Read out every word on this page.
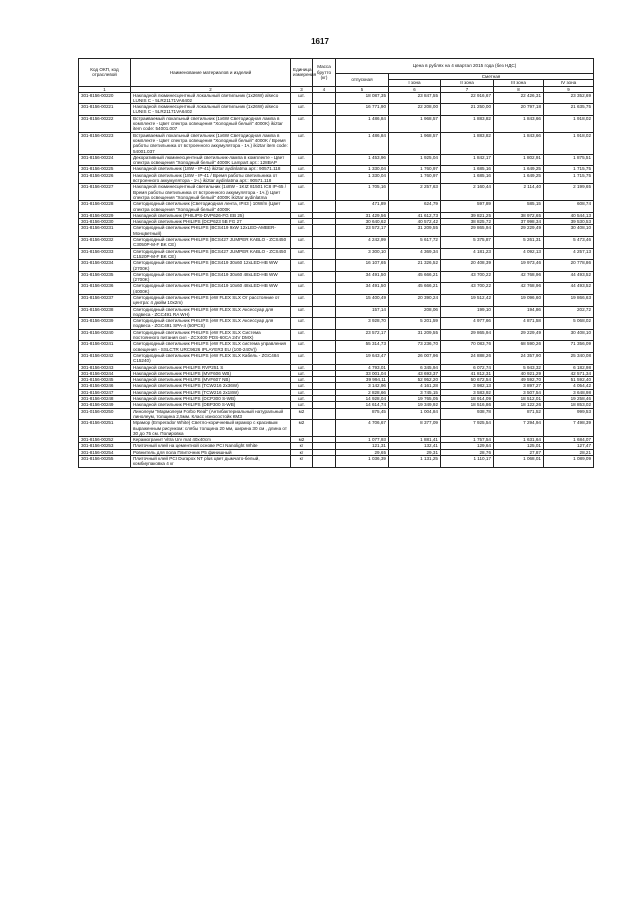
1617
Код ОКП, код отраслевой	Наименование материалов и изделий	Единица измерения	Масса брутто (кг)	Цена в рублях на 4 квартал 2015 года (без НДС)				
				отпускная	Сметная			
					I зона	II зона	III зона	IV зона
1	2	3	4	5	6	7	8	9
301-8156-00220	Накладной люминесцентный локальный светильник (1x26W) alseco LUNIS C - 5LR21171VA6402	шт.		18 087,35	23 847,55	22 916,67	22 426,31	23 352,69
301-8156-00221	Накладной люминесцентный локальный светильник (1x26W) alseco LUNIS C - 5LR21171VA6402	шт.		16 771,90	22 208,00	21 250,00	20 797,18	21 635,75
301-8156-00222	Встраиваемый локальный светильник (1x6W Светодиодная лампа в комплекте - Цвет спектра освещения "Холодный белый" 4000K) ikiztar item code: 54001.007	шт.		1 486,84	1 968,57	1 883,82	1 843,66	1 918,02
301-8156-00223	Встраиваемый локальный светильник (1x6W Светодиодная лампа в комплекте - Цвет спектра освещения "Холодный белый" 4000K / Время работы светильника от встроенного аккумулятора - 1ч.) ikiztar item code: 54001.037	шт.		1 486,84	1 968,57	1 883,82	1 843,66	1 918,02
301-8156-00224	Декоративный люминесцентный светильник-лампа в комплекте - Цвет спектра освещения "Холодный белый" 4000K Lampart арт.: 128BAP	шт.		1 453,96	1 925,04	1 842,17	1 802,91	1 875,51
301-8156-00225	Накладной светильник (18W - IP-41) ikiztar aydinlatma арт.: 90571.118	шт.		1 330,04	1 760,97	1 685,16	1 649,25	1 715,75
301-8156-00226	Накладной светильник (18W - IP-41 / Время работы светильника от встроенного аккумулятора - 1ч.) ikiztar aydinlatma арт.: 90571.118	шт.		1 330,04	1 760,97	1 685,16	1 649,25	1 715,75
301-8156-00227	Накладной люминесцентный светильник (1x8W - 1KIZ 81501 IC8 IP-65 / Время работы светильника от встроенного аккумулятора - 1ч.)) Цвет спектра освещения "Холодный белый" 4000K ikiztar aydinlatma	шт.		1 705,16	2 257,63	2 160,44	2 114,40	2 199,65
301-8156-00228	Светодиодный светильник (Светодиодная лента, IP43 ) 10W/m (Цвет спектра освещения "Холодный белый" 4000K	шт.		471,89	624,79	597,89	585,15	608,74
301-8156-00229	Накладной светильник (PHILIPS-DVP626-FG EB 25)	шт.		31 429,56	41 612,73	39 821,25	38 972,65	40 544,13
301-8156-00230	Накладной светильник PHILIPS (DCP623 5B FG 27	шт.		30 640,62	40 572,42	38 825,72	37 998,34	39 530,53
301-8156-00231	Светодиодный светильник PHILIPS (BCS419 9xW 12xLED-AMBER-Монцветный)	шт.		23 572,17	31 209,55	29 865,94	29 229,49	30 408,10
301-8156-00232	Светодиодный светильник PHILIPS (BCS427 JUMPER KABLO - ZCS450 C3050P-M-F BK CE)	шт.		4 242,99	5 617,72	5 375,87	5 261,31	5 473,46
301-8156-00233	Светодиодный светильник PHILIPS (BCS427 JUMPER KABLO - ZCS450 C1520P-M-F BK CE)	шт.		3 300,10	4 369,34	4 181,23	4 092,13	4 257,13
301-8156-00234	Светодиодный светильник PHILIPS (BCS419 30x60 12xLED-HB WW (2700K)	шт.		16 107,65	21 326,52	20 408,39	19 973,46	20 778,86
301-8156-00235	Светодиодный светильник PHILIPS (BCS419 30x60 48xLED-HB WW (2700K)	шт.		34 491,50	45 666,21	43 700,22	42 768,96	44 493,52
301-8156-00236	Светодиодный светильник PHILIPS (BCS419 10x60 48xLED-HB WW (4000K)	шт.		34 491,50	45 666,21	43 700,22	42 768,96	44 493,52
301-8156-00237	Светодиодный светильник PHILIPS (eW FLEX SLX От расстояние от центра: 4 дюйм 10x2m)	шт.		15 400,49	20 390,24	19 512,42	19 096,60	19 866,63
301-8156-00238	Светодиодный светильник PHILIPS (eW FLEX SLX Аксессуар для подвеса - ZCC491 RA WH)	шт.		157,14	208,06	199,10	194,86	202,72
301-8156-00239	Светодиодный светильник PHILIPS (eW FLEX SLX Аксессуар для подвеса - ZGC491 SPA-4 (50PCS)	шт.		3 928,70	5 201,59	4 977,66	4 871,58	5 068,02
301-8156-00240	Светодиодный светильник PHILIPS (eW FLEX SLX Система постоянного питания сил - ZCX400 PDS-60CA 24V DMX)	шт.		23 572,17	31 209,55	29 865,94	29 229,49	30 408,10
301-8156-00241	Светодиодный светильник PHILIPS (eW FLEX SLX система управления освещения - SSLCTR URC9626 IPLAYER3 EU (100-240V))	шт.		55 314,73	73 236,70	70 083,76	68 590,26	71 356,09
301-8156-00242	Светодиодный светильник PHILIPS (eW FLEX SLX Кабель - ZGC484 C15240)	шт.		19 643,47	26 007,96	24 888,26	24 357,90	25 340,08
301-8156-00243	Накладной светильник PHILIPS RVP251 S	шт.		4 793,01	6 345,94	6 072,74	5 943,32	6 182,98
301-8156-00244	Накладной светильник PHILIPS (MVF606 WB)	шт.		33 001,04	43 693,37	41 812,31	40 921,29	42 571,34
301-8156-00245	Накладной светильник PHILIPS (MVF607 NB)	шт.		39 994,11	52 952,20	50 672,54	49 592,70	51 592,40
301-8156-00246	Накладной светильник PHILIPS (TCW216 2x36W)	шт.		3 142,96	4 161,28	3 982,13	3 897,27	4 054,42
301-8156-00247	Накладной светильник PHILIPS (TCW216 2x18W)	шт.		2 828,66	3 745,15	3 583,92	3 507,54	3 648,98
301-8156-00248	Накладной светильник PHILIPS (DCP300 S-WB)	шт.		14 928,04	19 765,05	18 914,09	18 512,01	19 258,46
301-8156-00249	Накладной светильник PHILIPS (DBP300 S-WB)	шт.		14 614,74	19 349,92	18 516,86	18 122,26	18 853,02
301-0156-00250	Линолеум "Мармолеум Forbo Real" (Антибактериальный натуральный линолеум, толщина 2,5мм. Класс износостойк КМЗ	м2		875,45	1 004,84	938,78	871,52	999,53
301-8156-00251	Мрамор (Emperador White) Светло-коричневый мрамор с красивым выраженным рисунком: слябы толщина 20 мм, ширина 30 см , длина от 30 до 75 см. Полировка	м2		4 706,67	8 377,09	7 925,54	7 294,94	7 498,39
301-8156-00252	Керамогранит Vitra Urv mat 40x40cm	м2		1 077,93	1 881,41	1 757,54	1 631,64	1 684,07
301-8156-00253	Плиточный клей на цементной основе PCI Nanolight White	кг		121,31	132,41	129,64	125,01	127,47
301-8156-00254	Ровнитель для пола Плиточник P5 финишный	кг		29,65	29,31	28,76	27,87	28,21
301-8156-00255	Плиточный клей PCI Durapox NT plus цвет дымчато-белый, комбиупаковка 4 кг	кг		1 036,39	1 131,25	1 110,17	1 068,01	1 089,09
